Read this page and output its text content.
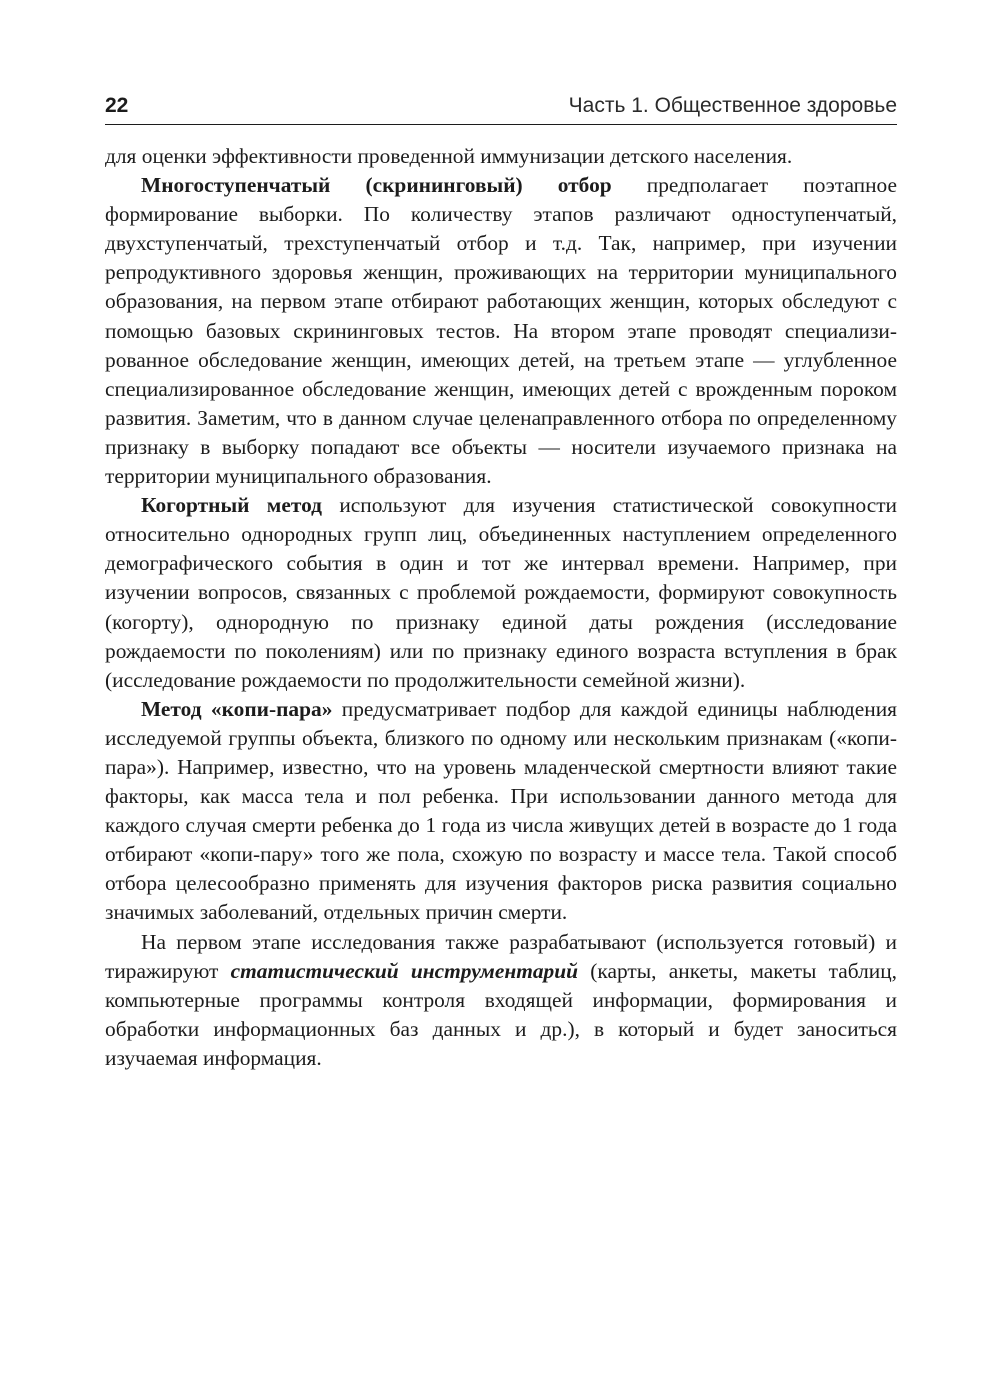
22	Часть 1. Общественное здоровье

для оценки эффективности проведенной иммунизации детского населения.

Многоступенчатый (скрининговый) отбор предполагает поэтапное формирование выборки. По количеству этапов различают одноступенчатый, двухступенчатый, трехступенчатый отбор и т.д. Так, например, при изучении репродуктивного здоровья женщин, проживающих на территории муниципального образования, на первом этапе отбирают работающих женщин, которых обследуют с помощью базовых скрининговых тестов. На втором этапе проводят специализированное обследование женщин, имеющих детей, на третьем этапе — углубленное специализированное обследование женщин, имеющих детей с врожденным пороком развития. Заметим, что в данном случае целенаправленного отбора по определенному признаку в выборку попадают все объекты — носители изучаемого признака на территории муниципального образования.

Когортный метод используют для изучения статистической совокупности относительно однородных групп лиц, объединенных наступлением определенного демографического события в один и тот же интервал времени. Например, при изучении вопросов, связанных с проблемой рождаемости, формируют совокупность (когорту), однородную по признаку единой даты рождения (исследование рождаемости по поколениям) или по признаку единого возраста вступления в брак (исследование рождаемости по продолжительности семейной жизни).

Метод «копи-пара» предусматривает подбор для каждой единицы наблюдения исследуемой группы объекта, близкого по одному или нескольким признакам («копи-пара»). Например, известно, что на уровень младенческой смертности влияют такие факторы, как масса тела и пол ребенка. При использовании данного метода для каждого случая смерти ребенка до 1 года из числа живущих детей в возрасте до 1 года отбирают «копи-пару» того же пола, схожую по возрасту и массе тела. Такой способ отбора целесообразно применять для изучения факторов риска развития социально значимых заболеваний, отдельных причин смерти.

На первом этапе исследования также разрабатывают (используется готовый) и тиражируют статистический инструментарий (карты, анкеты, макеты таблиц, компьютерные программы контроля входящей информации, формирования и обработки информационных баз данных и др.), в который и будет заноситься изучаемая информация.
